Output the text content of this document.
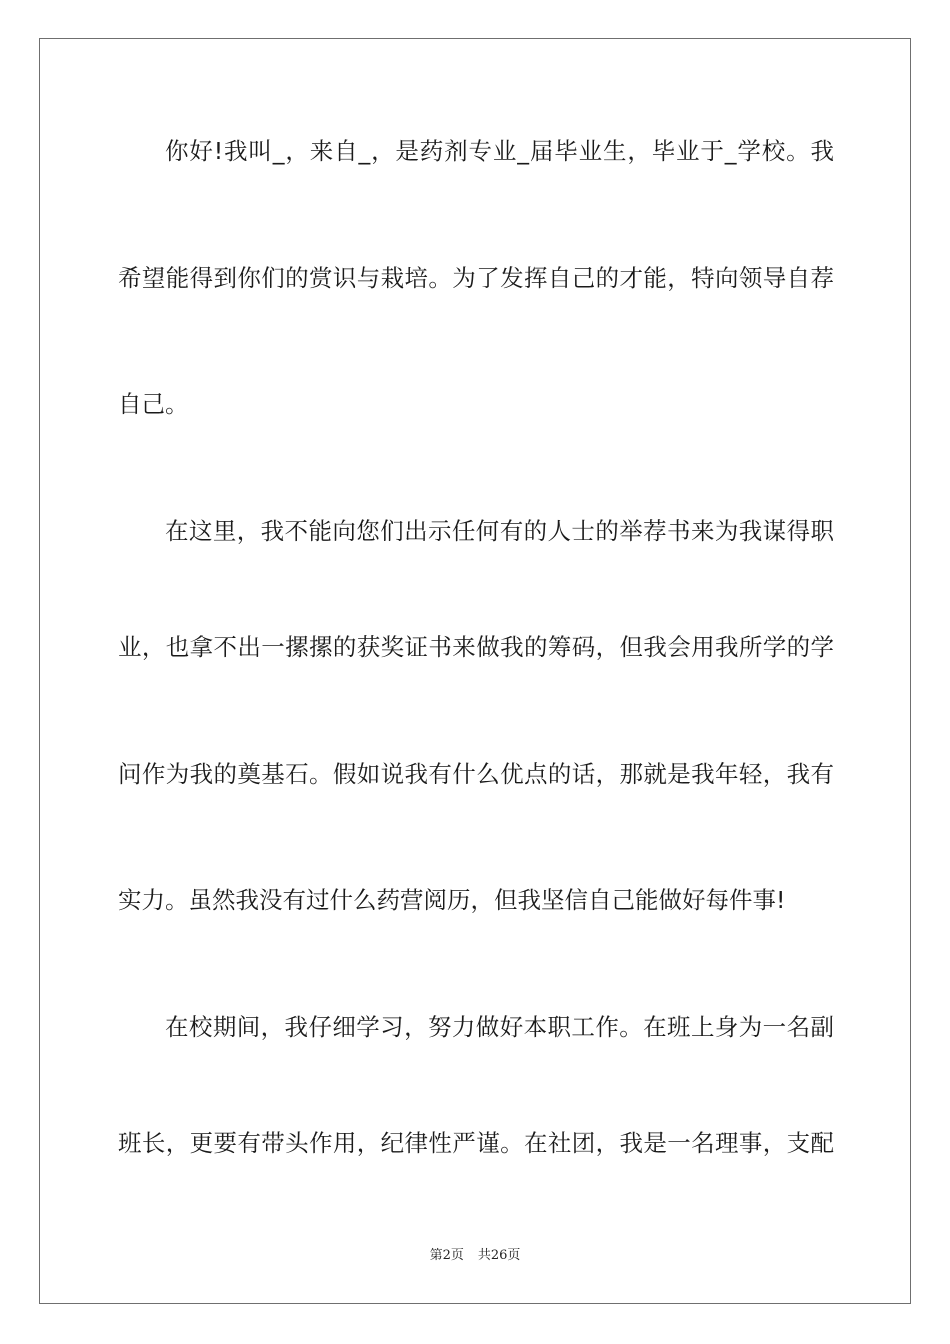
你好!我叫_，来自_，是药剂专业_届毕业生，毕业于_学校。我
希望能得到你们的赏识与栽培。为了发挥自己的才能，特向领导自荐
自己。
在这里，我不能向您们出示任何有的人士的举荐书来为我谋得职
业，也拿不出一摞摞的获奖证书来做我的筹码，但我会用我所学的学
问作为我的奠基石。假如说我有什么优点的话，那就是我年轻，我有
实力。虽然我没有过什么药营阅历，但我坚信自己能做好每件事!
在校期间，我仔细学习，努力做好本职工作。在班上身为一名副
班长，更要有带头作用，纪律性严谨。在社团，我是一名理事，支配
第2页 共26页
